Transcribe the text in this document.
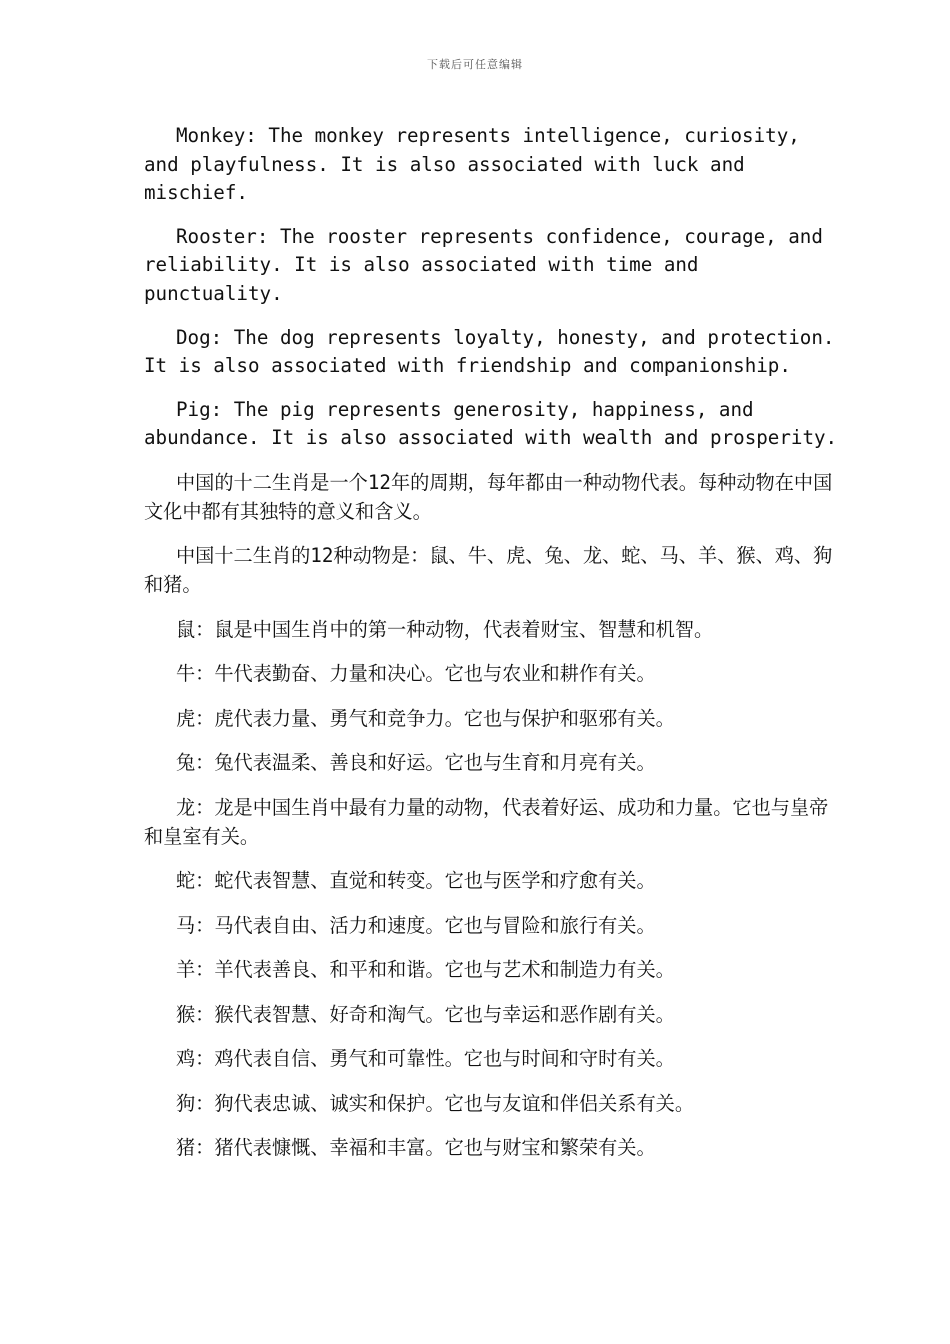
下载后可任意编辑

Monkey: The monkey represents intelligence, curiosity, and playfulness. It is also associated with luck and mischief.

Rooster: The rooster represents confidence, courage, and reliability. It is also associated with time and punctuality.

Dog: The dog represents loyalty, honesty, and protection. It is also associated with friendship and companionship.

Pig: The pig represents generosity, happiness, and abundance. It is also associated with wealth and prosperity.

中国的十二生肖是一个12年的周期，每年都由一种动物代表。每种动物在中国文化中都有其独特的意义和含义。

中国十二生肖的12种动物是：鼠、牛、虎、兔、龙、蛇、马、羊、猴、鸡、狗和猪。

鼠：鼠是中国生肖中的第一种动物，代表着财宝、智慧和机智。

牛：牛代表勤奋、力量和决心。它也与农业和耕作有关。

虎：虎代表力量、勇气和竞争力。它也与保护和驱邪有关。

兔：兔代表温柔、善良和好运。它也与生育和月亮有关。

龙：龙是中国生肖中最有力量的动物，代表着好运、成功和力量。它也与皇帝和皇室有关。

蛇：蛇代表智慧、直觉和转变。它也与医学和疗愈有关。

马：马代表自由、活力和速度。它也与冒险和旅行有关。

羊：羊代表善良、和平和和谐。它也与艺术和制造力有关。

猴：猴代表智慧、好奇和淘气。它也与幸运和恶作剧有关。

鸡：鸡代表自信、勇气和可靠性。它也与时间和守时有关。

狗：狗代表忠诚、诚实和保护。它也与友谊和伴侣关系有关。

猪：猪代表慷慨、幸福和丰富。它也与财宝和繁荣有关。
